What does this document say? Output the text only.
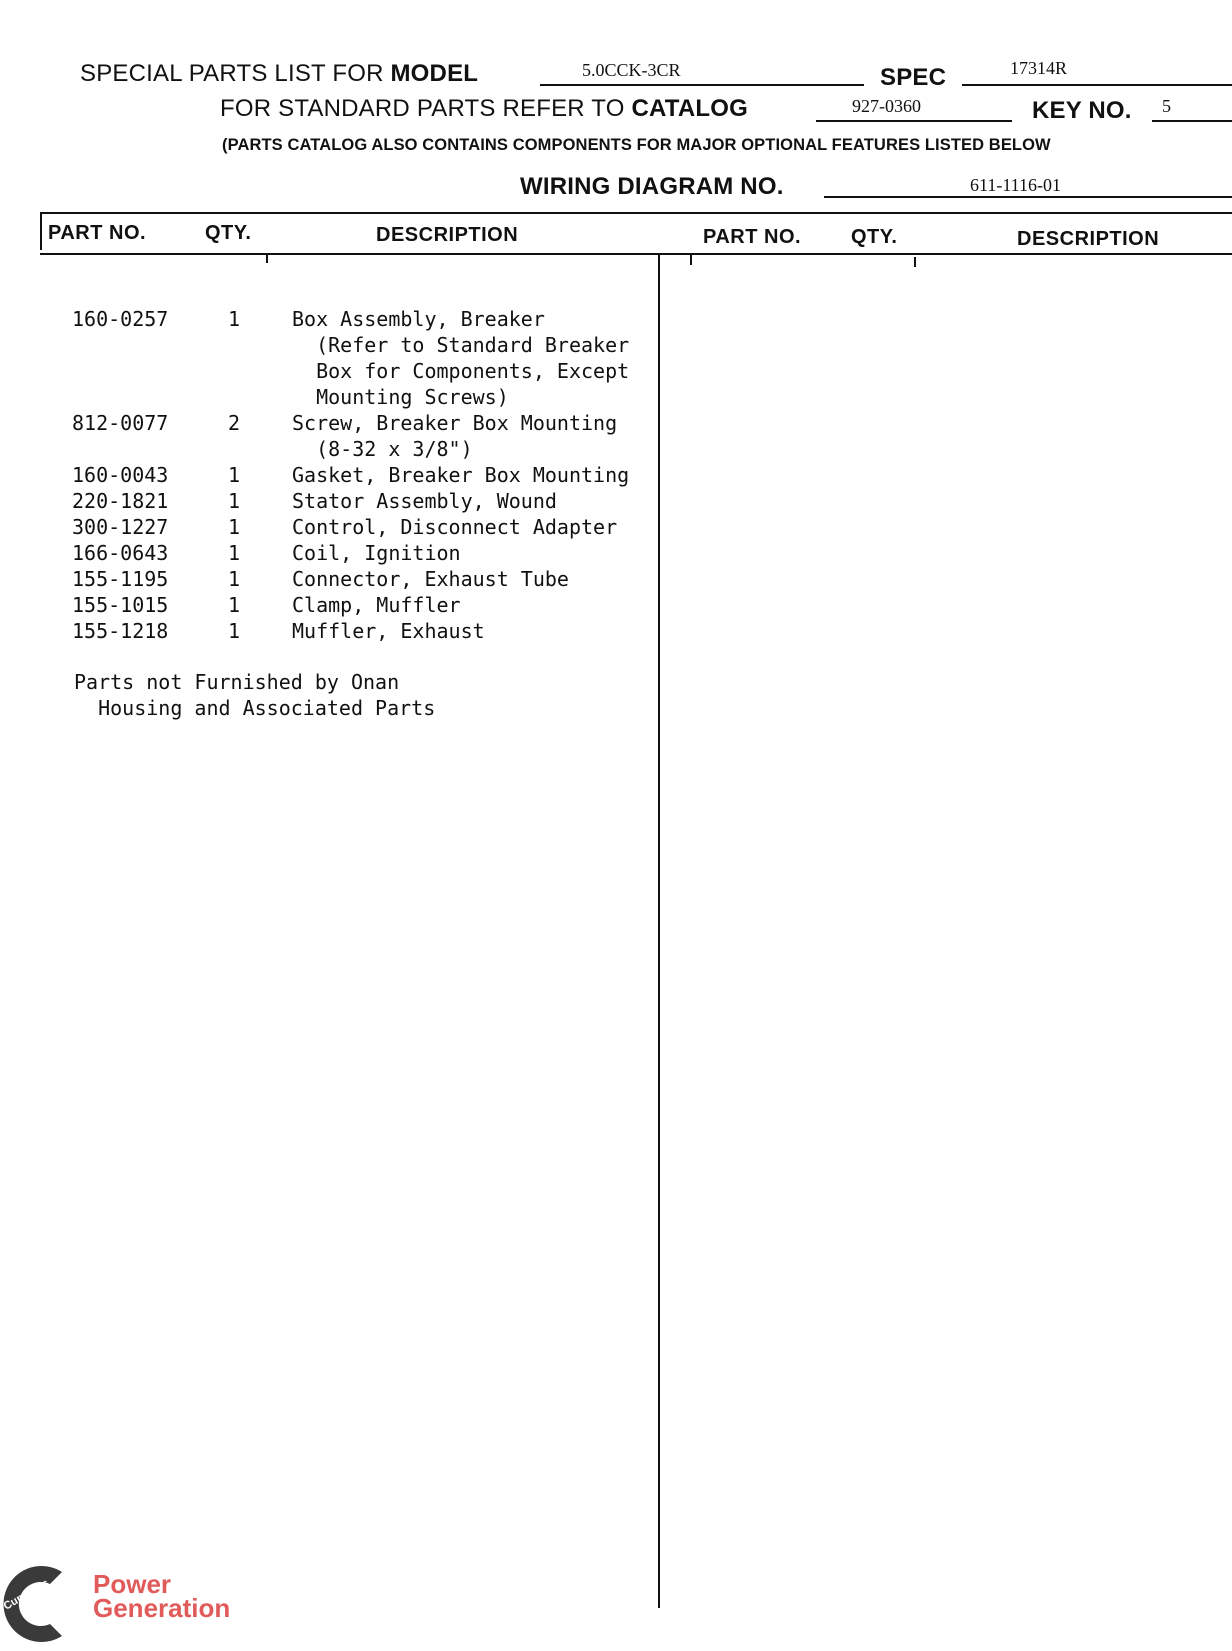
SPECIAL PARTS LIST FOR MODEL	5.0CCK-3CR	SPEC	17314R
FOR STANDARD PARTS REFER TO CATALOG	927-0360	KEY NO. 5
(PARTS CATALOG ALSO CONTAINS COMPONENTS FOR MAJOR OPTIONAL FEATURES LISTED BELOW
WIRING DIAGRAM NO.	611-1116-01
PART NO.	QTY.	DESCRIPTION	PART NO. QTY.	DESCRIPTION
160-0257	1	Box Assembly, Breaker
(Refer to Standard Breaker
Box for Components, Except
Mounting Screws)
812-0077	2	Screw, Breaker Box Mounting
(8-32 x 3/8")
160-0043	1	Gasket, Breaker Box Mounting
220-1821	1	Stator Assembly, Wound
300-1227	1	Control, Disconnect Adapter
166-0643	1	Coil, Ignition
155-1195	1	Connector, Exhaust Tube
155-1015	1	Clamp, Muffler
155-1218	1	Muffler, Exhaust
Parts not Furnished by Onan
Housing and Associated Parts
Cummins Power
Generation
